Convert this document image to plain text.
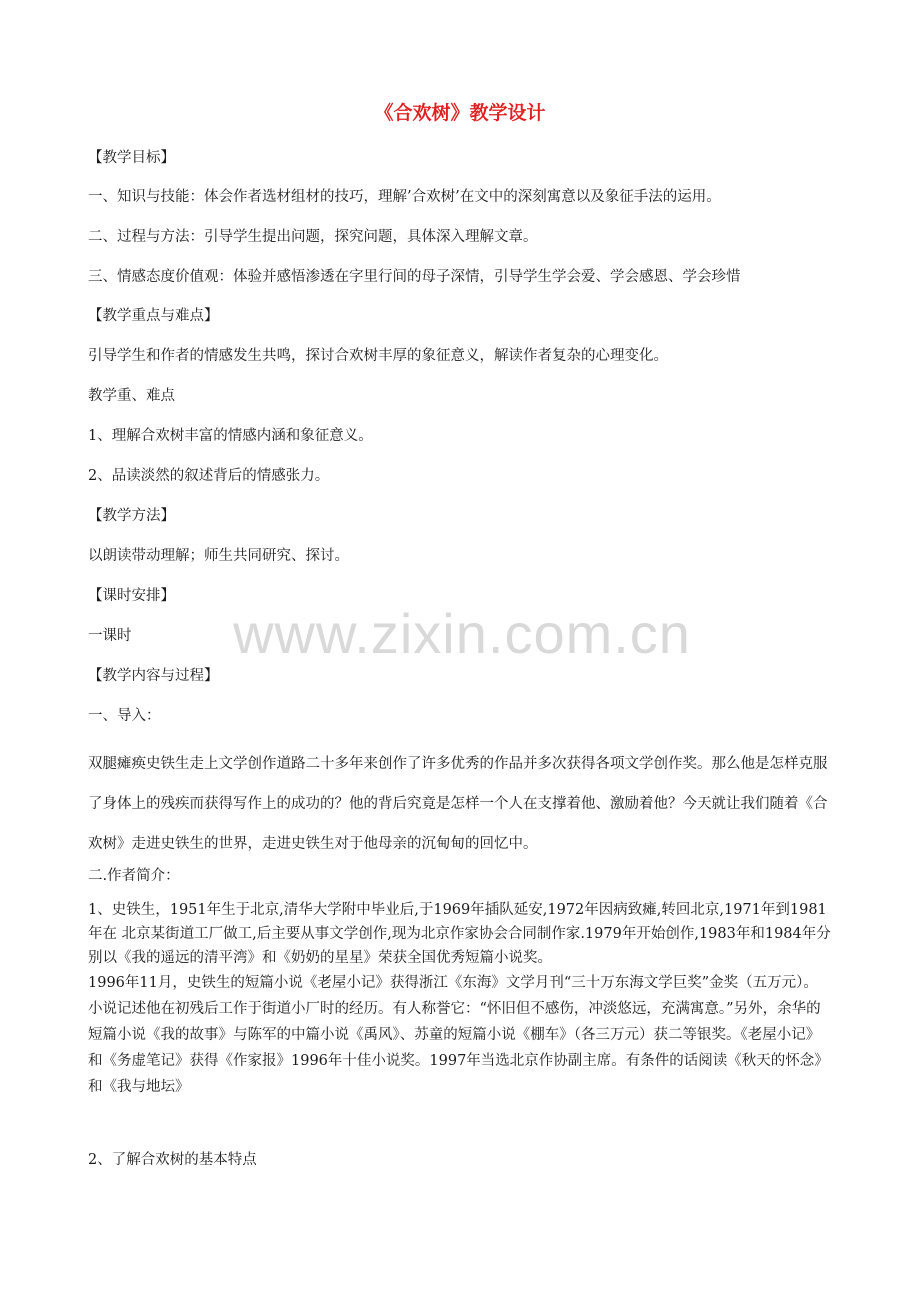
《合欢树》教学设计
【教学目标】
一、知识与技能：体会作者选材组材的技巧，理解’合欢树’在文中的深刻寓意以及象征手法的运用。
二、过程与方法：引导学生提出问题，探究问题，具体深入理解文章。
三、情感态度价值观：体验并感悟渗透在字里行间的母子深情，引导学生学会爱、学会感恩、学会珍惜
【教学重点与难点】
引导学生和作者的情感发生共鸣，探讨合欢树丰厚的象征意义，解读作者复杂的心理变化。
教学重、难点
1、理解合欢树丰富的情感内涵和象征意义。
2、品读淡然的叙述背后的情感张力。
【教学方法】
以朗读带动理解；师生共同研究、探讨。
【课时安排】
一课时
【教学内容与过程】
一、导入：
双腿瘫痪史铁生走上文学创作道路二十多年来创作了许多优秀的作品并多次获得各项文学创作奖。那么他是怎样克服了身体上的残疾而获得写作上的成功的？他的背后究竟是怎样一个人在支撑着他、激励着他？今天就让我们随着《合欢树》走进史铁生的世界，走进史铁生对于他母亲的沉甸甸的回忆中。
二.作者简介：
1、史铁生，1951年生于北京,清华大学附中毕业后,于1969年插队延安,1972年因病致瘫,转回北京,1971年到1981年在 北京某街道工厂做工,后主要从事文学创作,现为北京作家协会合同制作家.1979年开始创作,1983年和1984年分别以《我的遥远的清平湾》和《奶奶的星星》荣获全国优秀短篇小说奖。
1996年11月，史铁生的短篇小说《老屋小记》获得浙江《东海》文学月刊“三十万东海文学巨奖”金奖（五万元）。小说记述他在初残后工作于街道小厂时的经历。有人称誉它：“怀旧但不感伤，冲淡悠远，充满寓意。”另外，余华的短篇小说《我的故事》与陈军的中篇小说《禹风》、苏童的短篇小说《棚车》（各三万元）获二等银奖。《老屋小记》和《务虚笔记》获得《作家报》1996年十佳小说奖。1997年当选北京作协副主席。有条件的话阅读《秋天的怀念》和《我与地坛》
2、了解合欢树的基本特点
www.zixin.com.cn
